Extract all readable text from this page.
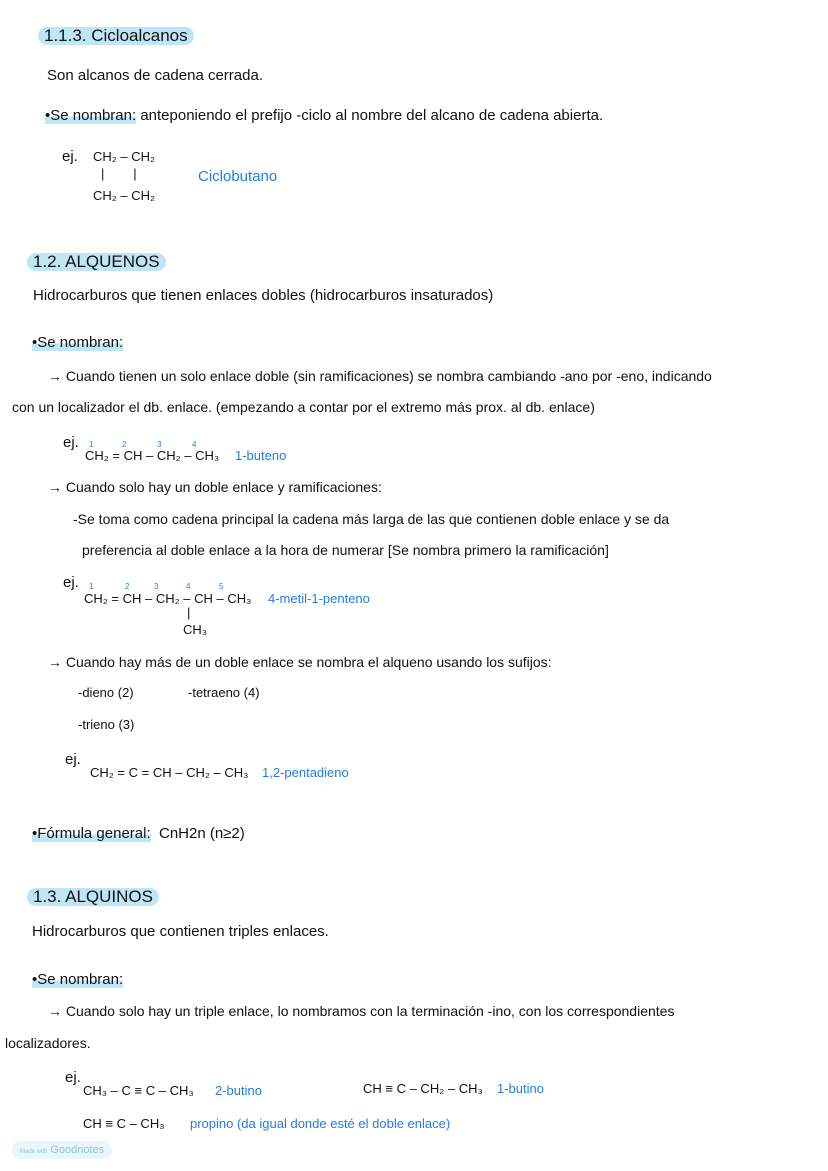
1.1.3. Cicloalcanos
Son alcanos de cadena cerrada.
•Se nombran: anteponiendo el prefijo -ciclo al nombre del alcano de cadena abierta.
ej. CH₂ – CH₂
|        |
CH₂ – CH₂
Ciclobutano
1.2. ALQUENOS
Hidrocarburos que tienen enlaces dobles (hidrocarburos insaturados)
•Se nombran:
→ Cuando tienen un solo enlace doble (sin ramificaciones) se nombra cambiando -ano por -eno, indicando
con un localizador el db. enlace. (empezando a contar por el extremo más prox. al db. enlace)
ej. 1	2	3	4
CH₂ = CH – CH₂ – CH₃ 1-buteno
→ Cuando solo hay un doble enlace y ramificaciones:
-Se toma como cadena principal la cadena más larga de las que contienen doble enlace y se da
preferencia al doble enlace a la hora de numerar [Se nombra primero la ramificación]
ej. 1	2	3	4	5
CH₂ = CH – CH₂ – CH – CH₃
|
CH₃
4-metil-1-penteno
→ Cuando hay más de un doble enlace se nombra el alqueno usando los sufijos:
-dieno (2)	-tetraeno (4)
-trieno (3)
ej.
CH₂ = C = CH – CH₂ – CH₃ 1,2-pentadieno
•Fórmula general: CnH2n (n≥2)
1.3. ALQUINOS
Hidrocarburos que contienen triples enlaces.
•Se nombran:
→ Cuando solo hay un triple enlace, lo nombramos con la terminación -ino, con los correspondientes
localizadores.
ej.
CH₃ – C ≡ C – CH₃ 2-butino	CH ≡ C – CH₂ – CH₃ 1-butino
CH ≡ C – CH₃ propino (da igual donde esté el doble enlace)
Made with Goodnotes
